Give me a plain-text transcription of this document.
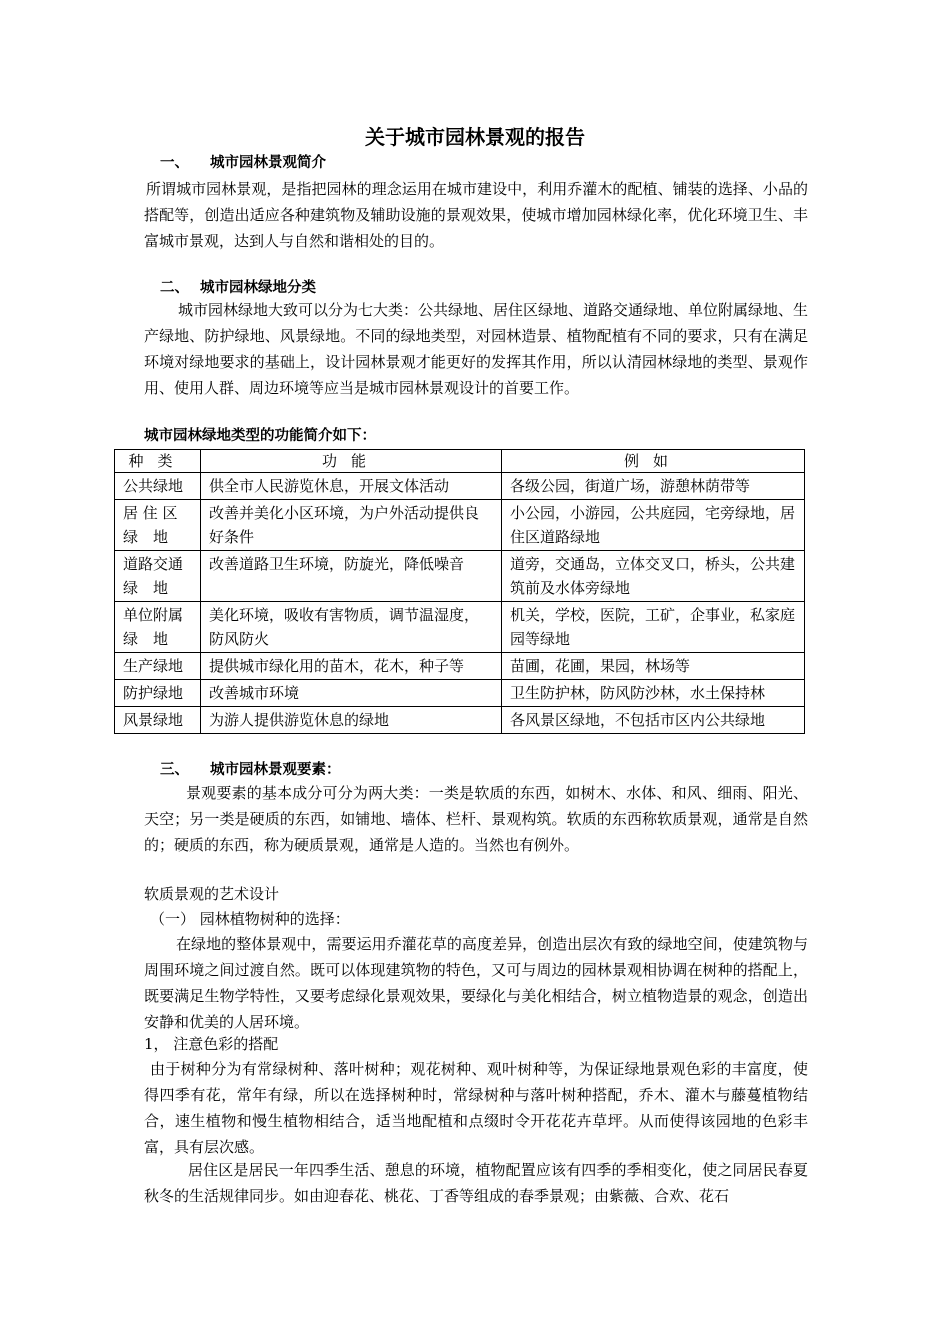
关于城市园林景观的报告
一、 城市园林景观简介
所谓城市园林景观，是指把园林的理念运用在城市建设中，利用乔灌木的配植、铺装的选择、小品的搭配等，创造出适应各种建筑物及辅助设施的景观效果，使城市增加园林绿化率，优化环境卫生、丰富城市景观，达到人与自然和谐相处的目的。
二、 城市园林绿地分类
城市园林绿地大致可以分为七大类：公共绿地、居住区绿地、道路交通绿地、单位附属绿地、生产绿地、防护绿地、风景绿地。不同的绿地类型，对园林造景、植物配植有不同的要求，只有在满足环境对绿地要求的基础上，设计园林景观才能更好的发挥其作用，所以认清园林绿地的类型、景观作用、使用人群、周边环境等应当是城市园林景观设计的首要工作。
城市园林绿地类型的功能简介如下：
种类	功能	例如
公共绿地	供全市人民游览休息，开展文体活动	各级公园，街道广场，游憩林荫带等
居 住 区
绿　地	改善并美化小区环境，为户外活动提供良好条件	小公园，小游园，公共庭园，宅旁绿地，居住区道路绿地
道路交通
绿　地	改善道路卫生环境，防旋光，降低噪音	道旁，交通岛，立体交叉口，桥头，公共建筑前及水体旁绿地
单位附属
绿　地	美化环境，吸收有害物质，调节温湿度，防风防火	机关，学校，医院，工矿，企事业，私家庭园等绿地
生产绿地	提供城市绿化用的苗木，花木，种子等	苗圃，花圃，果园，林场等
防护绿地	改善城市环境	卫生防护林，防风防沙林，水土保持林
风景绿地	为游人提供游览休息的绿地	各风景区绿地，不包括市区内公共绿地
三、 城市园林景观要素：
景观要素的基本成分可分为两大类：一类是软质的东西，如树木、水体、和风、细雨、阳光、天空；另一类是硬质的东西，如铺地、墙体、栏杆、景观构筑。软质的东西称软质景观，通常是自然的；硬质的东西，称为硬质景观，通常是人造的。当然也有例外。
软质景观的艺术设计
（一） 园林植物树种的选择：
在绿地的整体景观中，需要运用乔灌花草的高度差异，创造出层次有致的绿地空间，使建筑物与周围环境之间过渡自然。既可以体现建筑物的特色，又可与周边的园林景观相协调在树种的搭配上，既要满足生物学特性，又要考虑绿化景观效果，要绿化与美化相结合，树立植物造景的观念，创造出安静和优美的人居环境。
1， 注意色彩的搭配
由于树种分为有常绿树种、落叶树种；观花树种、观叶树种等，为保证绿地景观色彩的丰富度，使得四季有花，常年有绿，所以在选择树种时，常绿树种与落叶树种搭配，乔木、灌木与藤蔓植物结合，速生植物和慢生植物相结合，适当地配植和点缀时令开花花卉草坪。从而使得该园地的色彩丰富，具有层次感。
居住区是居民一年四季生活、憩息的环境，植物配置应该有四季的季相变化，使之同居民春夏秋冬的生活规律同步。如由迎春花、桃花、丁香等组成的春季景观；由紫薇、合欢、花石
